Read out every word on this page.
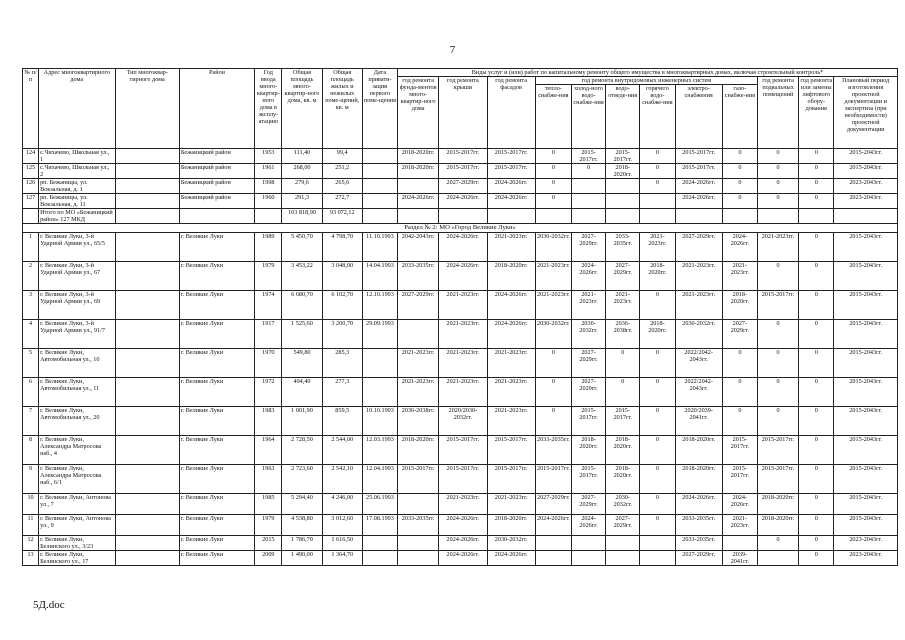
7
№ п/п	Адрес многоквартирного дома	Тип многоквар-тирного дома	Район	Год ввода много-квартир-ного дома в эксплу-атацию	Общая площадь много-квартир-ного дома, кв. м	Общая площадь жилых и нежилых поме-щений, кв. м	Дата привати-зации первого поме-щения	Виды услуг и (или) работ по капитальному ремонту общего имущества в многоквартирных домах, включая строительный контроль*											
								год ремонта фунда-ментов много-квартир-ного дома	год ремонта крыши	год ремонта фасадов	год ремонта внутридомовых инженерных систем						год ремонта подвальных помещений	год ремонта или замены лифтового обору-дования	Плановый период изготовления проектной документации и экспертиза (при необходимости) проектной документации
											тепло-снабже-ния	холод-ного водо-снабже-ния	водо-отведе-ния	горячего водо-снабже-ния	электро-снабжения	газо-снабже-ния			
124	с.Чихачево, Школьная ул., 1		Бежаницкий район	1953	111,40	99,4		2018-2020гг.	2015-2017гг.	2015-2017гг.	0	2015-2017гг.	2015-2017гг.	0	2015-2017гг.	0	0	0	2015-2043гг.
125	с.Чихачево, Школьная ул., 2		Бежаницкий район	1961	268,00	251,2		2018-2020гг.	2015-2017гг.	2015-2017гг.	0	0	2018-2020гг.	0	2015-2017гг.	0	0	0	2015-2043гг.
126	рп. Бежаницы, ул. Вокзальная, д. 1		Бежаницкий район	1998	279,6	265,6			2027-2029гг.	2024-2026гг.	0			0	2024-2026гг.	0	0	0	2023-2043гг.
127	рп. Бежаницы, ул. Вокзальная, д. 11		Бежаницкий район	1960	291,3	272,7		2024-2026гг.	2024-2026гг.	2024-2026гг.	0				2024-2026гг.	0	0	0	2023-2043гг.
	Итого по МО «Бежаницкий район» 127 МКД				103 818,90	93 072,12													
Раздел № 2: МО «Город Великие Луки»																			
1	г. Великие Луки, 3-й Ударной Армии ул., 65/5		г. Великие Луки	1989	5 450,70	4 798,70	11.10.1993	2042-2043гг.	2024-2026гг.	2021-2023гг.	2030-2032гг.	2027-2029гг.	2033-2035гг.	2021-2023гг.	2027-2029гг.	2024-2026гг.	2021-2023гг.	0	2015-2043гг.
2	г. Великие Луки, 3-й Ударной Армии ул., 67		г. Великие Луки	1979	3 453,22	3 048,00	14.04.1993	2033-2035гг.	2024-2026гг.	2018-2020гг.	2021-2023гг.	2024-2026гг.	2027-2029гг.	2018-2020гг.	2021-2023гг.	2021-2023гг.	0	0	2015-2043гг.
3	г. Великие Луки, 3-й Ударной Армии ул., 69		г. Великие Луки	1974	6 680,70	6 102,70	12.10.1993	2027-2029гг.	2021-2023гг.	2024-2026гг.	2021-2023гг.	2021-2023гг.	2021-2023гг.	0	2021-2023гг.	2018-2020гг.	2015-2017гг.	0	2015-2043гг.
4	г. Великие Луки, 3-й Ударной Армии ул., 91/7		г. Великие Луки	1917	1 525,60	3 200,70	29.09.1993		2021-2023гг.	2024-2026гг.	2030-2032гг.	2030-2032гг.	2036-2038гг.	2018-2020гг.	2030-2032гг.	2027-2029гг.	0	0	2015-2043гг.
5	г. Великие Луки, Автомобильная ул., 10		г. Великие Луки	1970	549,80	285,3		2021-2023гг.	2021-2023гг.	2021-2023гг.	0	2027-2029гг.	0	0	2022/2042-2043гг.	0	0	0	2015-2043гг.
6	г. Великие Луки, Автомобильная ул., 11		г. Великие Луки	1972	494,40	277,3		2021-2023гг.	2021-2023гг.	2021-2023гг.	0	2027-2029гг.	0	0	2022/2042-2043гг.	0	0	0	2015-2043гг.
7	г. Великие Луки, Автомобильная ул., 20		г. Великие Луки	1983	1 001,90	859,5	10.10.1993	2036-2038гг.	2020/2030-2032гг.	2021-2023гг.	0	2015-2017гг.	2015-2017гг.	0	2020/2039-2041гг.	0	0	0	2015-2043гг.
8	г. Великие Луки, Александра Матросова наб., 4		г. Великие Луки	1964	2 728,50	2 544,00	12.03.1993	2018-2020гг.	2015-2017гг.	2015-2017гг.	2033-2035гг.	2018-2020гг.	2018-2020гг.	0	2018-2020гг.	2015-2017гг.	2015-2017гг.	0	2015-2043гг.
9	г. Великие Луки, Александра Матросова наб., 6/1		г. Великие Луки	1963	2 723,60	2 542,10	12.04.1993	2015-2017гг.	2015-2017гг.	2015-2017гг.	2015-2017гг.	2015-2017гг.	2018-2020гг.	0	2018-2020гг.	2015-2017гг.	2015-2017гг.	0	2015-2043гг.
10	г. Великие Луки, Антонова ул., 7		г. Великие Луки	1985	5 294,40	4 246,00	25.06.1993		2021-2023гг.	2021-2023гг.	2027-2029гг.	2027-2029гг.	2030-2032гг.	0	2024-2026гг.	2024-2026гг.	2018-2020гг.	0	2015-2043гг.
11	г. Великие Луки, Антонова ул., 9		г. Великие Луки	1979	4 538,80	3 012,60	17.08.1993	2033-2035гг.	2024-2026гг.	2018-2020гг.	2024-2026гг.	2024-2026гг.	2027-2029гг.	0	2033-2035гг.	2021-2023гг.	2018-2020гг.	0	2015-2043гг.
12	г. Великие Луки, Белинского ул., 3/23		г. Великие Луки	2015	1 786,70	1 616,50			2024-2026гг.	2030-2032гг.					2033-2035гг.		0	0	2023-2043гг.
13	г. Великие Луки, Белинского ул., 17		г. Великие Луки	2009	1 490,00	1 364,70			2024-2026гг.	2024-2026гг.					2027-2029гг.	2039-2041гг.		0	2023-2043гг.
5Д.doc
